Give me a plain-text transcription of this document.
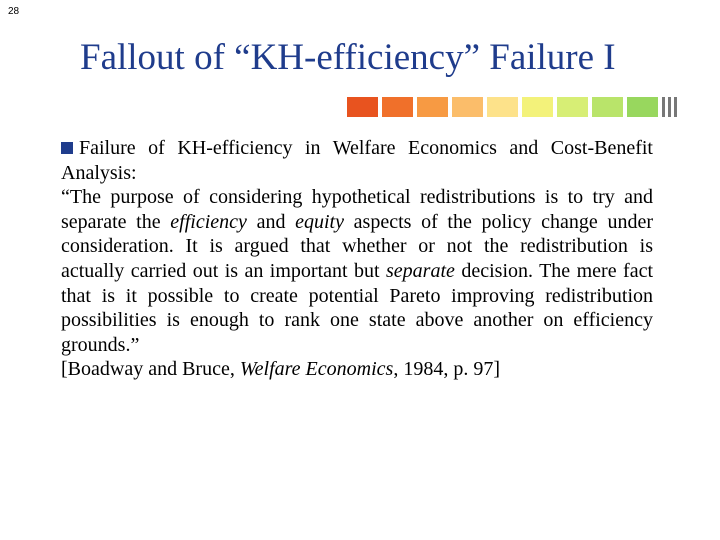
28
Fallout of “KH-efficiency” Failure I

Failure of KH-efficiency in Welfare Economics and Cost-Benefit Analysis:

“The purpose of considering hypothetical redistributions is to try and separate the efficiency and equity aspects of the policy change under consideration. It is argued that whether or not the redistribution is actually carried out is an important but separate decision. The mere fact that is it possible to create potential Pareto improving redistribution possibilities is enough to rank one state above another on efficiency grounds.”

[Boadway and Bruce, Welfare Economics, 1984, p. 97]
